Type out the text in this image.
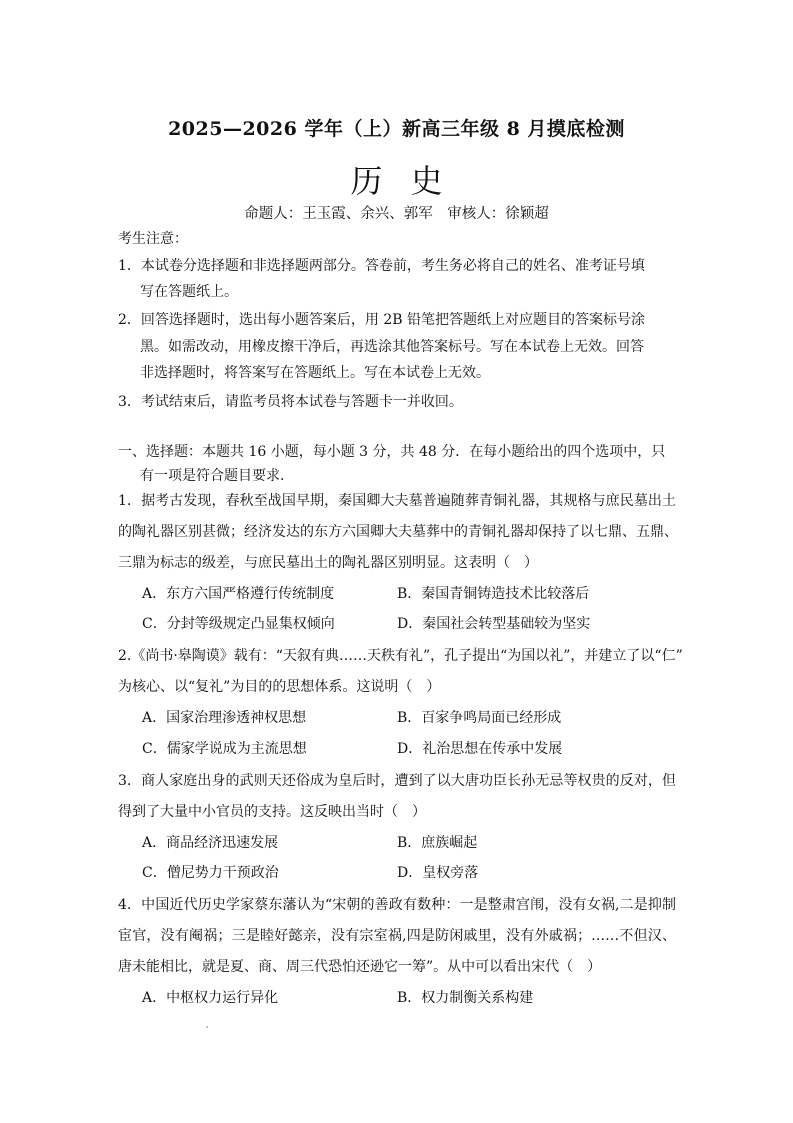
2025—2026 学年（上）新高三年级 8 月摸底检测
历史
命题人：王玉霞、余兴、郭军　审核人：徐颖超
考生注意：
1．本试卷分选择题和非选择题两部分。答卷前，考生务必将自己的姓名、准考证号填
写在答题纸上。
2．回答选择题时，选出每小题答案后，用 2B 铅笔把答题纸上对应题目的答案标号涂
黑。如需改动，用橡皮擦干净后，再选涂其他答案标号。写在本试卷上无效。回答
非选择题时，将答案写在答题纸上。写在本试卷上无效。
3．考试结束后，请监考员将本试卷与答题卡一并收回。
一、选择题：本题共 16 小题，每小题 3 分，共 48 分．在每小题给出的四个选项中，只
有一项是符合题目要求.
1．据考古发现，春秋至战国早期，秦国卿大夫墓普遍随葬青铜礼器，其规格与庶民墓出土
的陶礼器区别甚微；经济发达的东方六国卿大夫墓葬中的青铜礼器却保持了以七鼎、五鼎、
三鼎为标志的级差，与庶民墓出土的陶礼器区别明显。这表明（　）
A．东方六国严格遵行传统制度	B．秦国青铜铸造技术比较落后
C．分封等级规定凸显集权倾向	D．秦国社会转型基础较为坚实
2.《尚书·皋陶谟》载有：“天叙有典……天秩有礼”，孔子提出“为国以礼”，并建立了以“仁”
为核心、以“复礼”为目的的思想体系。这说明（　）
A．国家治理渗透神权思想	B．百家争鸣局面已经形成
C．儒家学说成为主流思想	D．礼治思想在传承中发展
3．商人家庭出身的武则天还俗成为皇后时，遭到了以大唐功臣长孙无忌等权贵的反对，但
得到了大量中小官员的支持。这反映出当时（　）
A．商品经济迅速发展	B．庶族崛起
C．僧尼势力干预政治	D．皇权旁落
4．中国近代历史学家蔡东藩认为“宋朝的善政有数种：一是整肃宫闱，没有女祸,二是抑制
宦官，没有阉祸；三是睦好懿亲，没有宗室祸,四是防闲戚里，没有外戚祸；……不但汉、
唐未能相比，就是夏、商、周三代恐怕还逊它一筹”。从中可以看出宋代（　）
A．中枢权力运行异化	B．权力制衡关系构建
